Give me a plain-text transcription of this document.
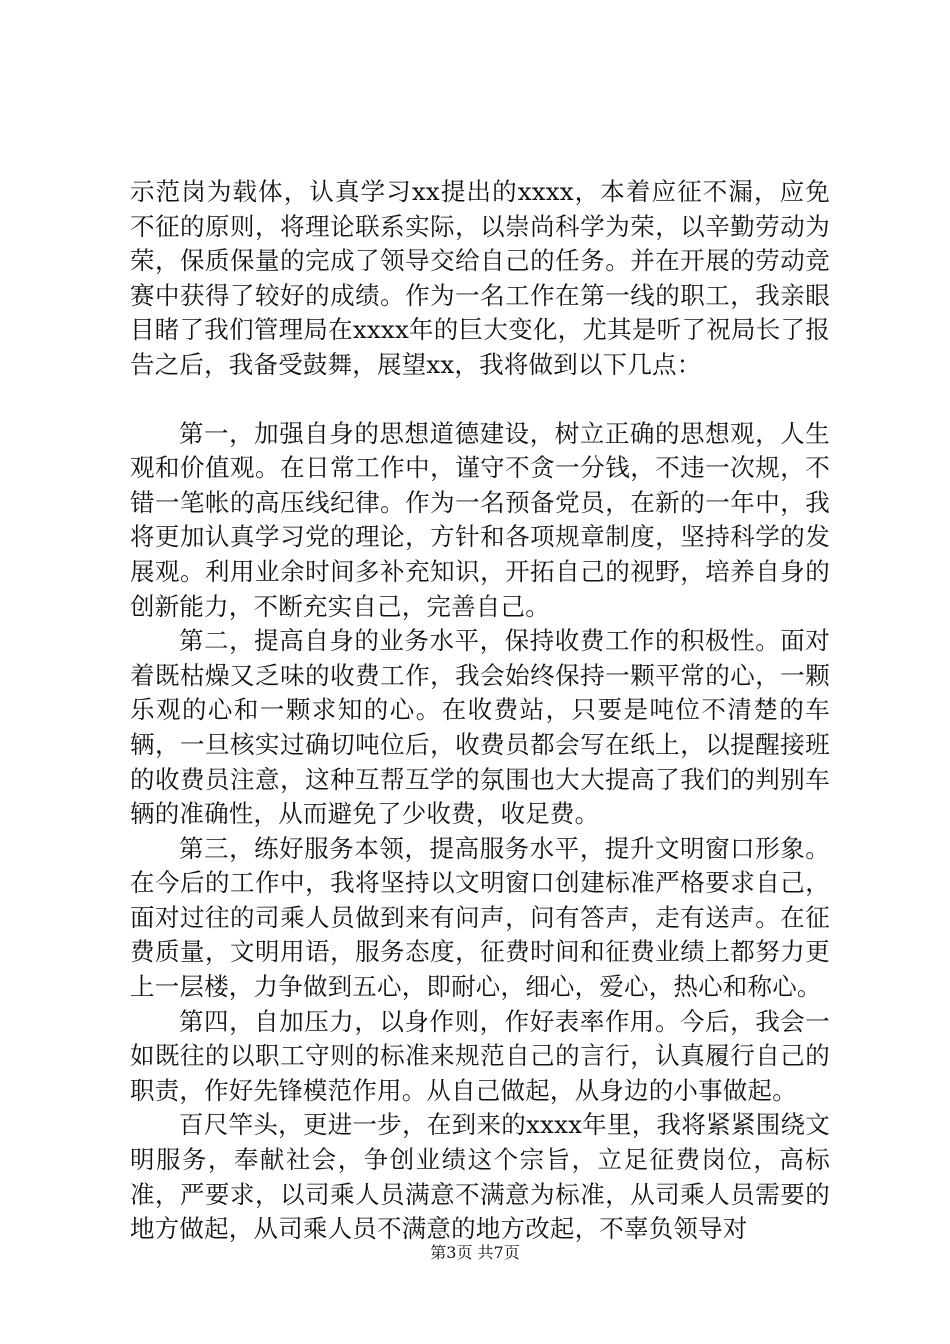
示范岗为载体，认真学习xx提出的xxxx，本着应征不漏，应免不征的原则，将理论联系实际，以崇尚科学为荣，以辛勤劳动为荣，保质保量的完成了领导交给自己的任务。并在开展的劳动竞赛中获得了较好的成绩。作为一名工作在第一线的职工，我亲眼目睹了我们管理局在xxxx年的巨大变化，尤其是听了祝局长了报告之后，我备受鼓舞，展望xx，我将做到以下几点：

第一，加强自身的思想道德建设，树立正确的思想观，人生观和价值观。在日常工作中，谨守不贪一分钱，不违一次规，不错一笔帐的高压线纪律。作为一名预备党员，在新的一年中，我将更加认真学习党的理论，方针和各项规章制度，坚持科学的发展观。利用业余时间多补充知识，开拓自己的视野，培养自身的创新能力，不断充实自己，完善自己。

第二，提高自身的业务水平，保持收费工作的积极性。面对着既枯燥又乏味的收费工作，我会始终保持一颗平常的心，一颗乐观的心和一颗求知的心。在收费站，只要是吨位不清楚的车辆，一旦核实过确切吨位后，收费员都会写在纸上，以提醒接班的收费员注意，这种互帮互学的氛围也大大提高了我们的判别车辆的准确性，从而避免了少收费，收足费。

第三，练好服务本领，提高服务水平，提升文明窗口形象。在今后的工作中，我将坚持以文明窗口创建标准严格要求自己，面对过往的司乘人员做到来有问声，问有答声，走有送声。在征费质量，文明用语，服务态度，征费时间和征费业绩上都努力更上一层楼，力争做到五心，即耐心，细心，爱心，热心和称心。

第四，自加压力，以身作则，作好表率作用。今后，我会一如既往的以职工守则的标准来规范自己的言行，认真履行自己的职责，作好先锋模范作用。从自己做起，从身边的小事做起。

百尺竿头，更进一步，在到来的xxxx年里，我将紧紧围绕文明服务，奉献社会，争创业绩这个宗旨，立足征费岗位，高标准，严要求，以司乘人员满意不满意为标准，从司乘人员需要的地方做起，从司乘人员不满意的地方改起，不辜负领导对

第3页 共7页
